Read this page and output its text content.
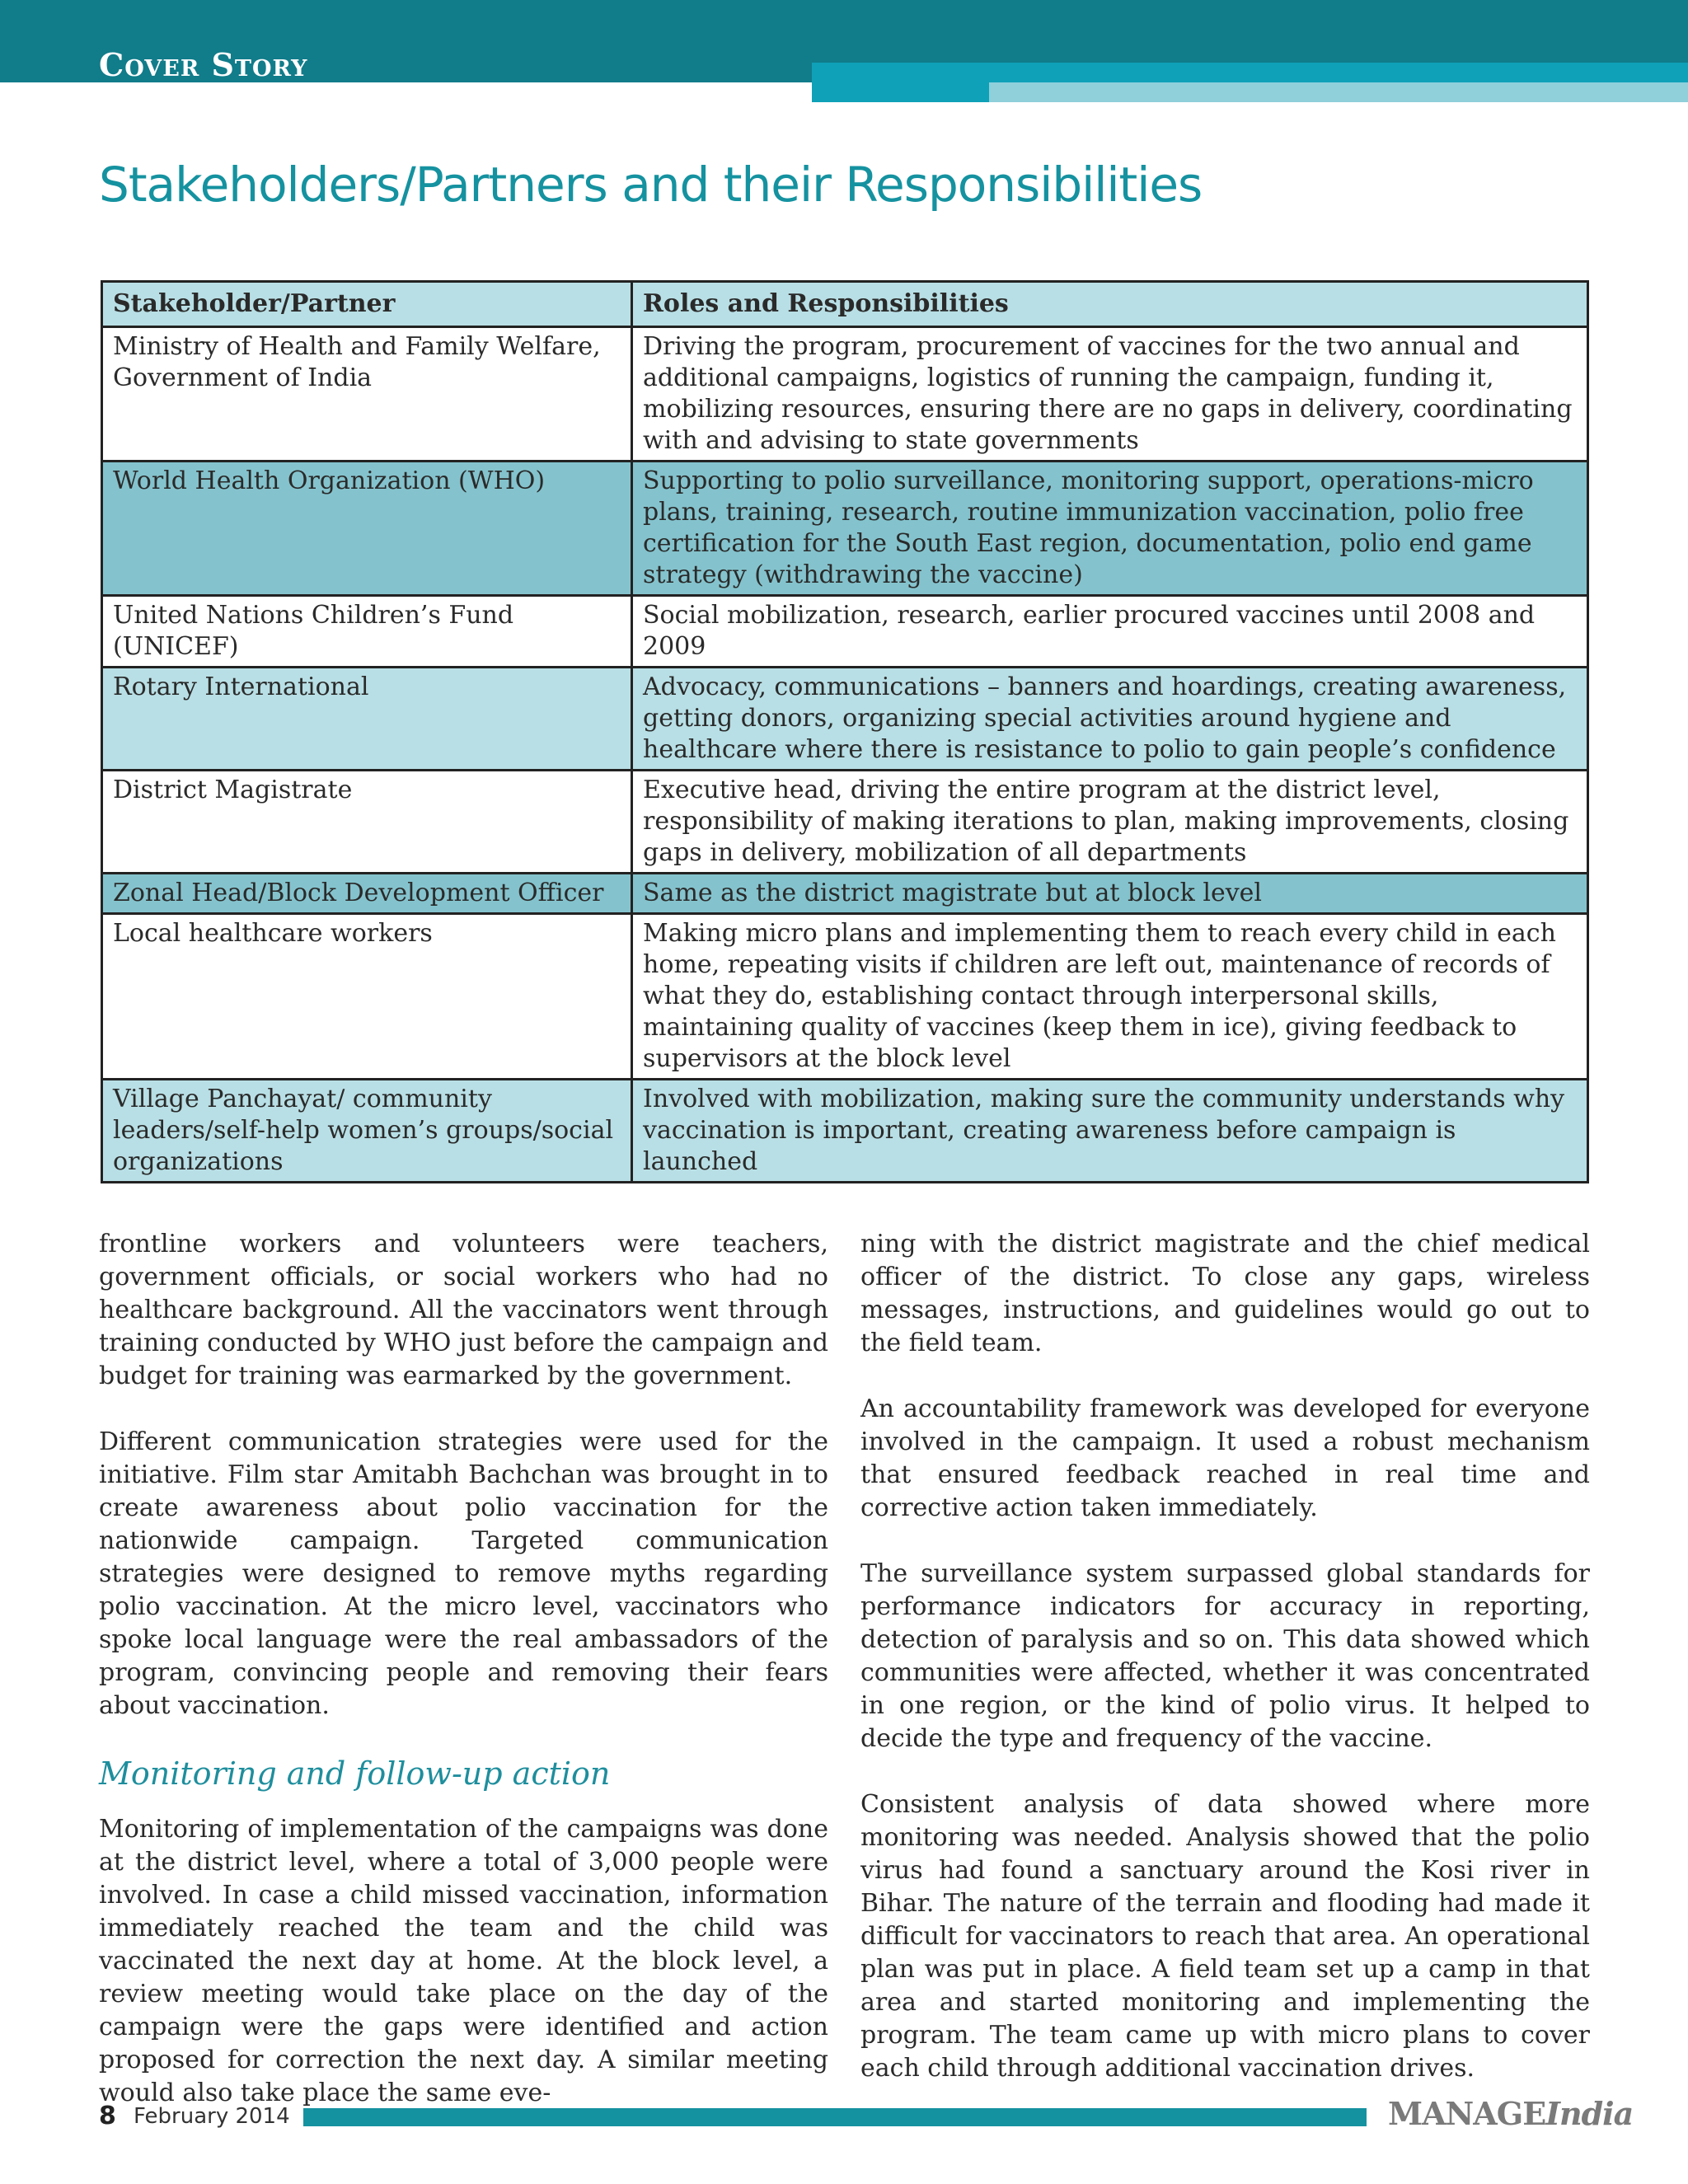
Cover Story
Stakeholders/Partners and their Responsibilities
Stakeholder/Partner	Roles and Responsibilities
Ministry of Health and Family Welfare, Government of India	Driving the program, procurement of vaccines for the two annual and additional campaigns, logistics of running the campaign, funding it, mobilizing resources, ensuring there are no gaps in delivery, coordinating with and advising to state governments
World Health Organization (WHO)	Supporting to polio surveillance, monitoring support, operations-micro plans, training, research, routine immunization vaccination, polio free certification for the South East region, documentation, polio end game strategy (withdrawing the vaccine)
United Nations Children’s Fund (UNICEF)	Social mobilization, research, earlier procured vaccines until 2008 and 2009
Rotary International	Advocacy, communications – banners and hoardings, creating awareness, getting donors, organizing special activities around hygiene and healthcare where there is resistance to polio to gain people’s confidence
District Magistrate	Executive head, driving the entire program at the district level, responsibility of making iterations to plan, making improvements, closing gaps in delivery, mobilization of all departments
Zonal Head/Block Development Officer	Same as the district magistrate but at block level
Local healthcare workers	Making micro plans and implementing them to reach every child in each home, repeating visits if children are left out, maintenance of records of what they do, establishing contact through interpersonal skills, maintaining quality of vaccines (keep them in ice), giving feedback to supervisors at the block level
Village Panchayat/ community leaders/self-help women’s groups/social organizations	Involved with mobilization, making sure the community understands why vaccination is important, creating awareness before campaign is launched

frontline workers and volunteers were teachers, government officials, or social workers who had no healthcare background. All the vaccinators went through training conducted by WHO just before the campaign and budget for training was earmarked by the government.

Different communication strategies were used for the initiative. Film star Amitabh Bachchan was brought in to create awareness about polio vaccination for the nationwide campaign. Targeted communication strategies were designed to remove myths regarding polio vaccination. At the micro level, vaccinators who spoke local language were the real ambassadors of the program, convincing people and removing their fears about vaccination.

Monitoring and follow-up action

Monitoring of implementation of the campaigns was done at the district level, where a total of 3,000 people were involved. In case a child missed vaccination, information immediately reached the team and the child was vaccinated the next day at home. At the block level, a review meeting would take place on the day of the campaign were the gaps were identified and action proposed for correction the next day. A similar meeting would also take place the same eve-

ning with the district magistrate and the chief medical officer of the district. To close any gaps, wireless messages, instructions, and guidelines would go out to the field team.

An accountability framework was developed for everyone involved in the campaign. It used a robust mechanism that ensured feedback reached in real time and corrective action taken immediately.

The surveillance system surpassed global standards for performance indicators for accuracy in reporting, detection of paralysis and so on. This data showed which communities were affected, whether it was concentrated in one region, or the kind of polio virus. It helped to decide the type and frequency of the vaccine.

Consistent analysis of data showed where more monitoring was needed. Analysis showed that the polio virus had found a sanctuary around the Kosi river in Bihar. The nature of the terrain and flooding had made it difficult for vaccinators to reach that area. An operational plan was put in place. A field team set up a camp in that area and started monitoring and implementing the program. The team came up with micro plans to cover each child through additional vaccination drives.

8 February 2014	MANAGEIndia
